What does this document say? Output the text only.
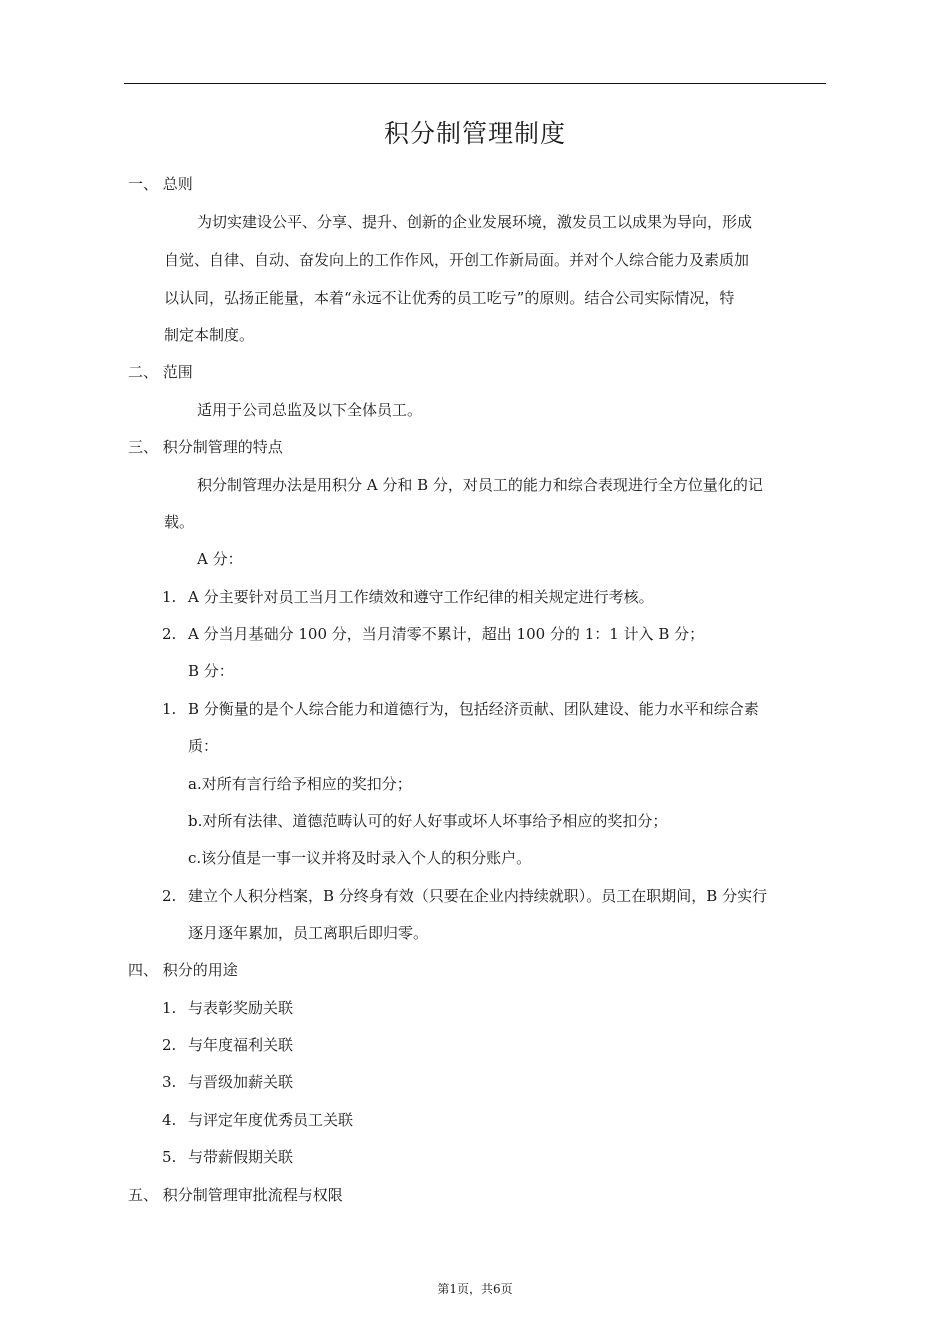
积分制管理制度
一、 总则
为切实建设公平、分享、提升、创新的企业发展环境，激发员工以成果为导向，形成
自觉、自律、自动、奋发向上的工作作风，开创工作新局面。并对个人综合能力及素质加
以认同，弘扬正能量，本着“永远不让优秀的员工吃亏”的原则。结合公司实际情况，特
制定本制度。
二、 范围
适用于公司总监及以下全体员工。
三、 积分制管理的特点
积分制管理办法是用积分 A 分和 B 分，对员工的能力和综合表现进行全方位量化的记
载。
A 分：
1. A 分主要针对员工当月工作绩效和遵守工作纪律的相关规定进行考核。
2. A 分当月基础分 100 分，当月清零不累计，超出 100 分的 1：1 计入 B 分；
B 分：
1. B 分衡量的是个人综合能力和道德行为，包括经济贡献、团队建设、能力水平和综合素
质：
a.对所有言行给予相应的奖扣分；
b.对所有法律、道德范畴认可的好人好事或坏人坏事给予相应的奖扣分；
c.该分值是一事一议并将及时录入个人的积分账户。
2. 建立个人积分档案，B 分终身有效（只要在企业内持续就职）。员工在职期间，B 分实行
逐月逐年累加，员工离职后即归零。
四、 积分的用途
1. 与表彰奖励关联
2. 与年度福利关联
3. 与晋级加薪关联
4. 与评定年度优秀员工关联
5. 与带薪假期关联
五、 积分制管理审批流程与权限
第1页，共6页
